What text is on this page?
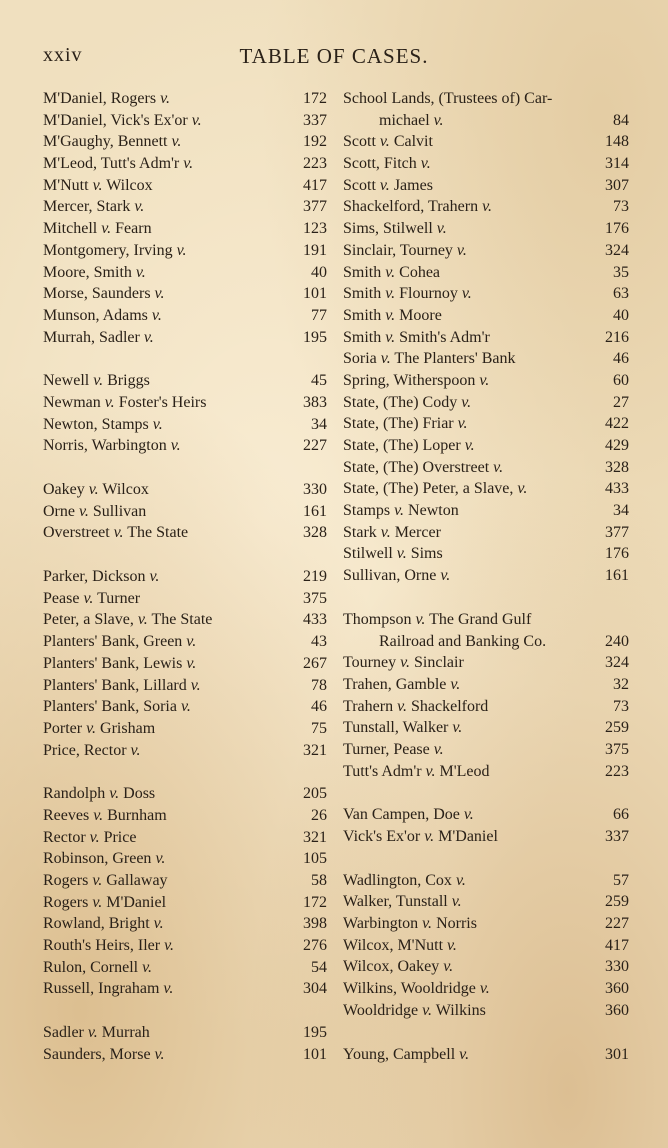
xxiv	TABLE OF CASES.
M'Daniel, Rogers v.	172
M'Daniel, Vick's Ex'or v.	337
M'Gaughy, Bennett v.	192
M'Leod, Tutt's Adm'r v.	223
M'Nutt v. Wilcox	417
Mercer, Stark v.	377
Mitchell v. Fearn	123
Montgomery, Irving v.	191
Moore, Smith v.	40
Morse, Saunders v.	101
Munson, Adams v.	77
Murrah, Sadler v.	195
Newell v. Briggs	45
Newman v. Foster's Heirs	383
Newton, Stamps v.	34
Norris, Warbington v.	227
Oakey v. Wilcox	330
Orne v. Sullivan	161
Overstreet v. The State	328
Parker, Dickson v.	219
Pease v. Turner	375
Peter, a Slave, v. The State	433
Planters' Bank, Green v.	43
Planters' Bank, Lewis v.	267
Planters' Bank, Lillard v.	78
Planters' Bank, Soria v.	46
Porter v. Grisham	75
Price, Rector v.	321
Randolph v. Doss	205
Reeves v. Burnham	26
Rector v. Price	321
Robinson, Green v.	105
Rogers v. Gallaway	58
Rogers v. M'Daniel	172
Rowland, Bright v.	398
Routh's Heirs, Iler v.	276
Rulon, Cornell v.	54
Russell, Ingraham v.	304
Sadler v. Murrah	195
Saunders, Morse v.	101
School Lands, (Trustees of) Car-
michael v.	84
Scott v. Calvit	148
Scott, Fitch v.	314
Scott v. James	307
Shackelford, Trahern v.	73
Sims, Stilwell v.	176
Sinclair, Tourney v.	324
Smith v. Cohea	35
Smith v. Flournoy v.	63
Smith v. Moore	40
Smith v. Smith's Adm'r	216
Soria v. The Planters' Bank	46
Spring, Witherspoon v.	60
State, (The) Cody v.	27
State, (The) Friar v.	422
State, (The) Loper v.	429
State, (The) Overstreet v.	328
State, (The) Peter, a Slave, v.	433
Stamps v. Newton	34
Stark v. Mercer	377
Stilwell v. Sims	176
Sullivan, Orne v.	161
Thompson v. The Grand Gulf
Railroad and Banking Co.	240
Tourney v. Sinclair	324
Trahen, Gamble v.	32
Trahern v. Shackelford	73
Tunstall, Walker v.	259
Turner, Pease v.	375
Tutt's Adm'r v. M'Leod	223
Van Campen, Doe v.	66
Vick's Ex'or v. M'Daniel	337
Wadlington, Cox v.	57
Walker, Tunstall v.	259
Warbington v. Norris	227
Wilcox, M'Nutt v.	417
Wilcox, Oakey v.	330
Wilkins, Wooldridge v.	360
Wooldridge v. Wilkins	360
Young, Campbell v.	301
